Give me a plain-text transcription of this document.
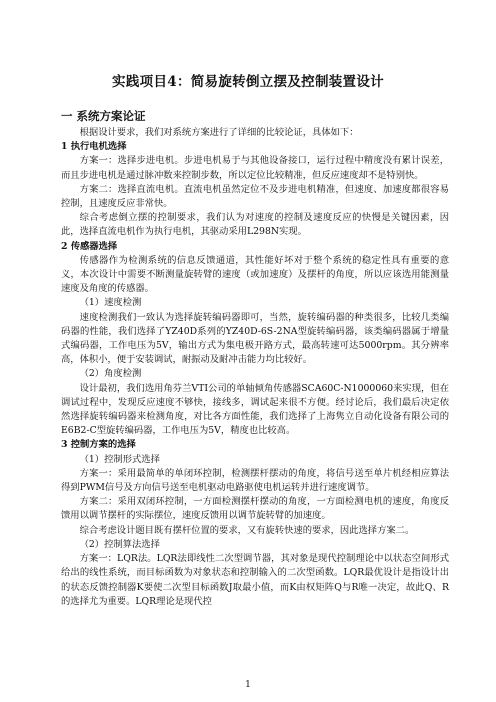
实践项目4：简易旋转倒立摆及控制装置设计
一 系统方案论证

根据设计要求，我们对系统方案进行了详细的比较论证，具体如下：

1 执行电机选择

方案一：选择步进电机。步进电机易于与其他设备接口，运行过程中精度没有累计误差，而且步进电机是通过脉冲数来控制步数，所以定位比较精准，但反应速度却不是特别快。

方案二：选择直流电机。直流电机虽然定位不及步进电机精准，但速度、加速度都很容易控制，且速度反应非常快。

综合考虑倒立摆的控制要求，我们认为对速度的控制及速度反应的快慢是关键因素，因此，选择直流电机作为执行电机，其驱动采用L298N实现。

2 传感器选择

传感器作为检测系统的信息反馈通道，其性能好坏对于整个系统的稳定性具有重要的意义，本次设计中需要不断测量旋转臂的速度（或加速度）及摆杆的角度，所以应该选用能测量速度及角度的传感器。

（1）速度检测

速度检测我们一致认为选择旋转编码器即可，当然，旋转编码器的种类很多，比较几类编码器的性能，我们选择了YZ40D系列的YZ40D-6S-2NA型旋转编码器，该类编码器属于增量式编码器，工作电压为5V，输出方式为集电极开路方式，最高转速可达5000rpm。其分辨率高，体积小，便于安装调试，耐振动及耐冲击能力均比较好。

（2）角度检测

设计最初，我们选用角芬兰VTI公司的单轴倾角传感器SCA60C-N1000060来实现，但在调试过程中，发现反应速度不够快，接线多，调试起来很不方便。经讨论后，我们最后决定依然选择旋转编码器来检测角度，对比各方面性能，我们选择了上海隽立自动化设备有限公司的E6B2-C型旋转编码器，工作电压为5V，精度也比较高。

3 控制方案的选择

（1）控制形式选择

方案一：采用最简单的单闭环控制，检测摆杆摆动的角度，将信号送至单片机经相应算法得到PWM信号及方向信号送至电机驱动电路驱使电机运转并进行速度调节。

方案二：采用双闭环控制，一方面检测摆杆摆动的角度，一方面检测电机的速度，角度反馈用以调节摆杆的实际摆位，速度反馈用以调节旋转臂的加速度。

综合考虑设计题目既有摆杆位置的要求，又有旋转快速的要求，因此选择方案二。

（2）控制算法选择

方案一：LQR法。LQR法即线性二次型调节器，其对象是现代控制理论中以状态空间形式给出的线性系统，而目标函数为对象状态和控制输入的二次型函数。LQR最优设计是指设计出的状态反馈控制器K要使二次型目标函数J取最小值，而K由权矩阵Q与R唯一决定，故此Q、R的选择尤为重要。LQR理论是现代控

1
